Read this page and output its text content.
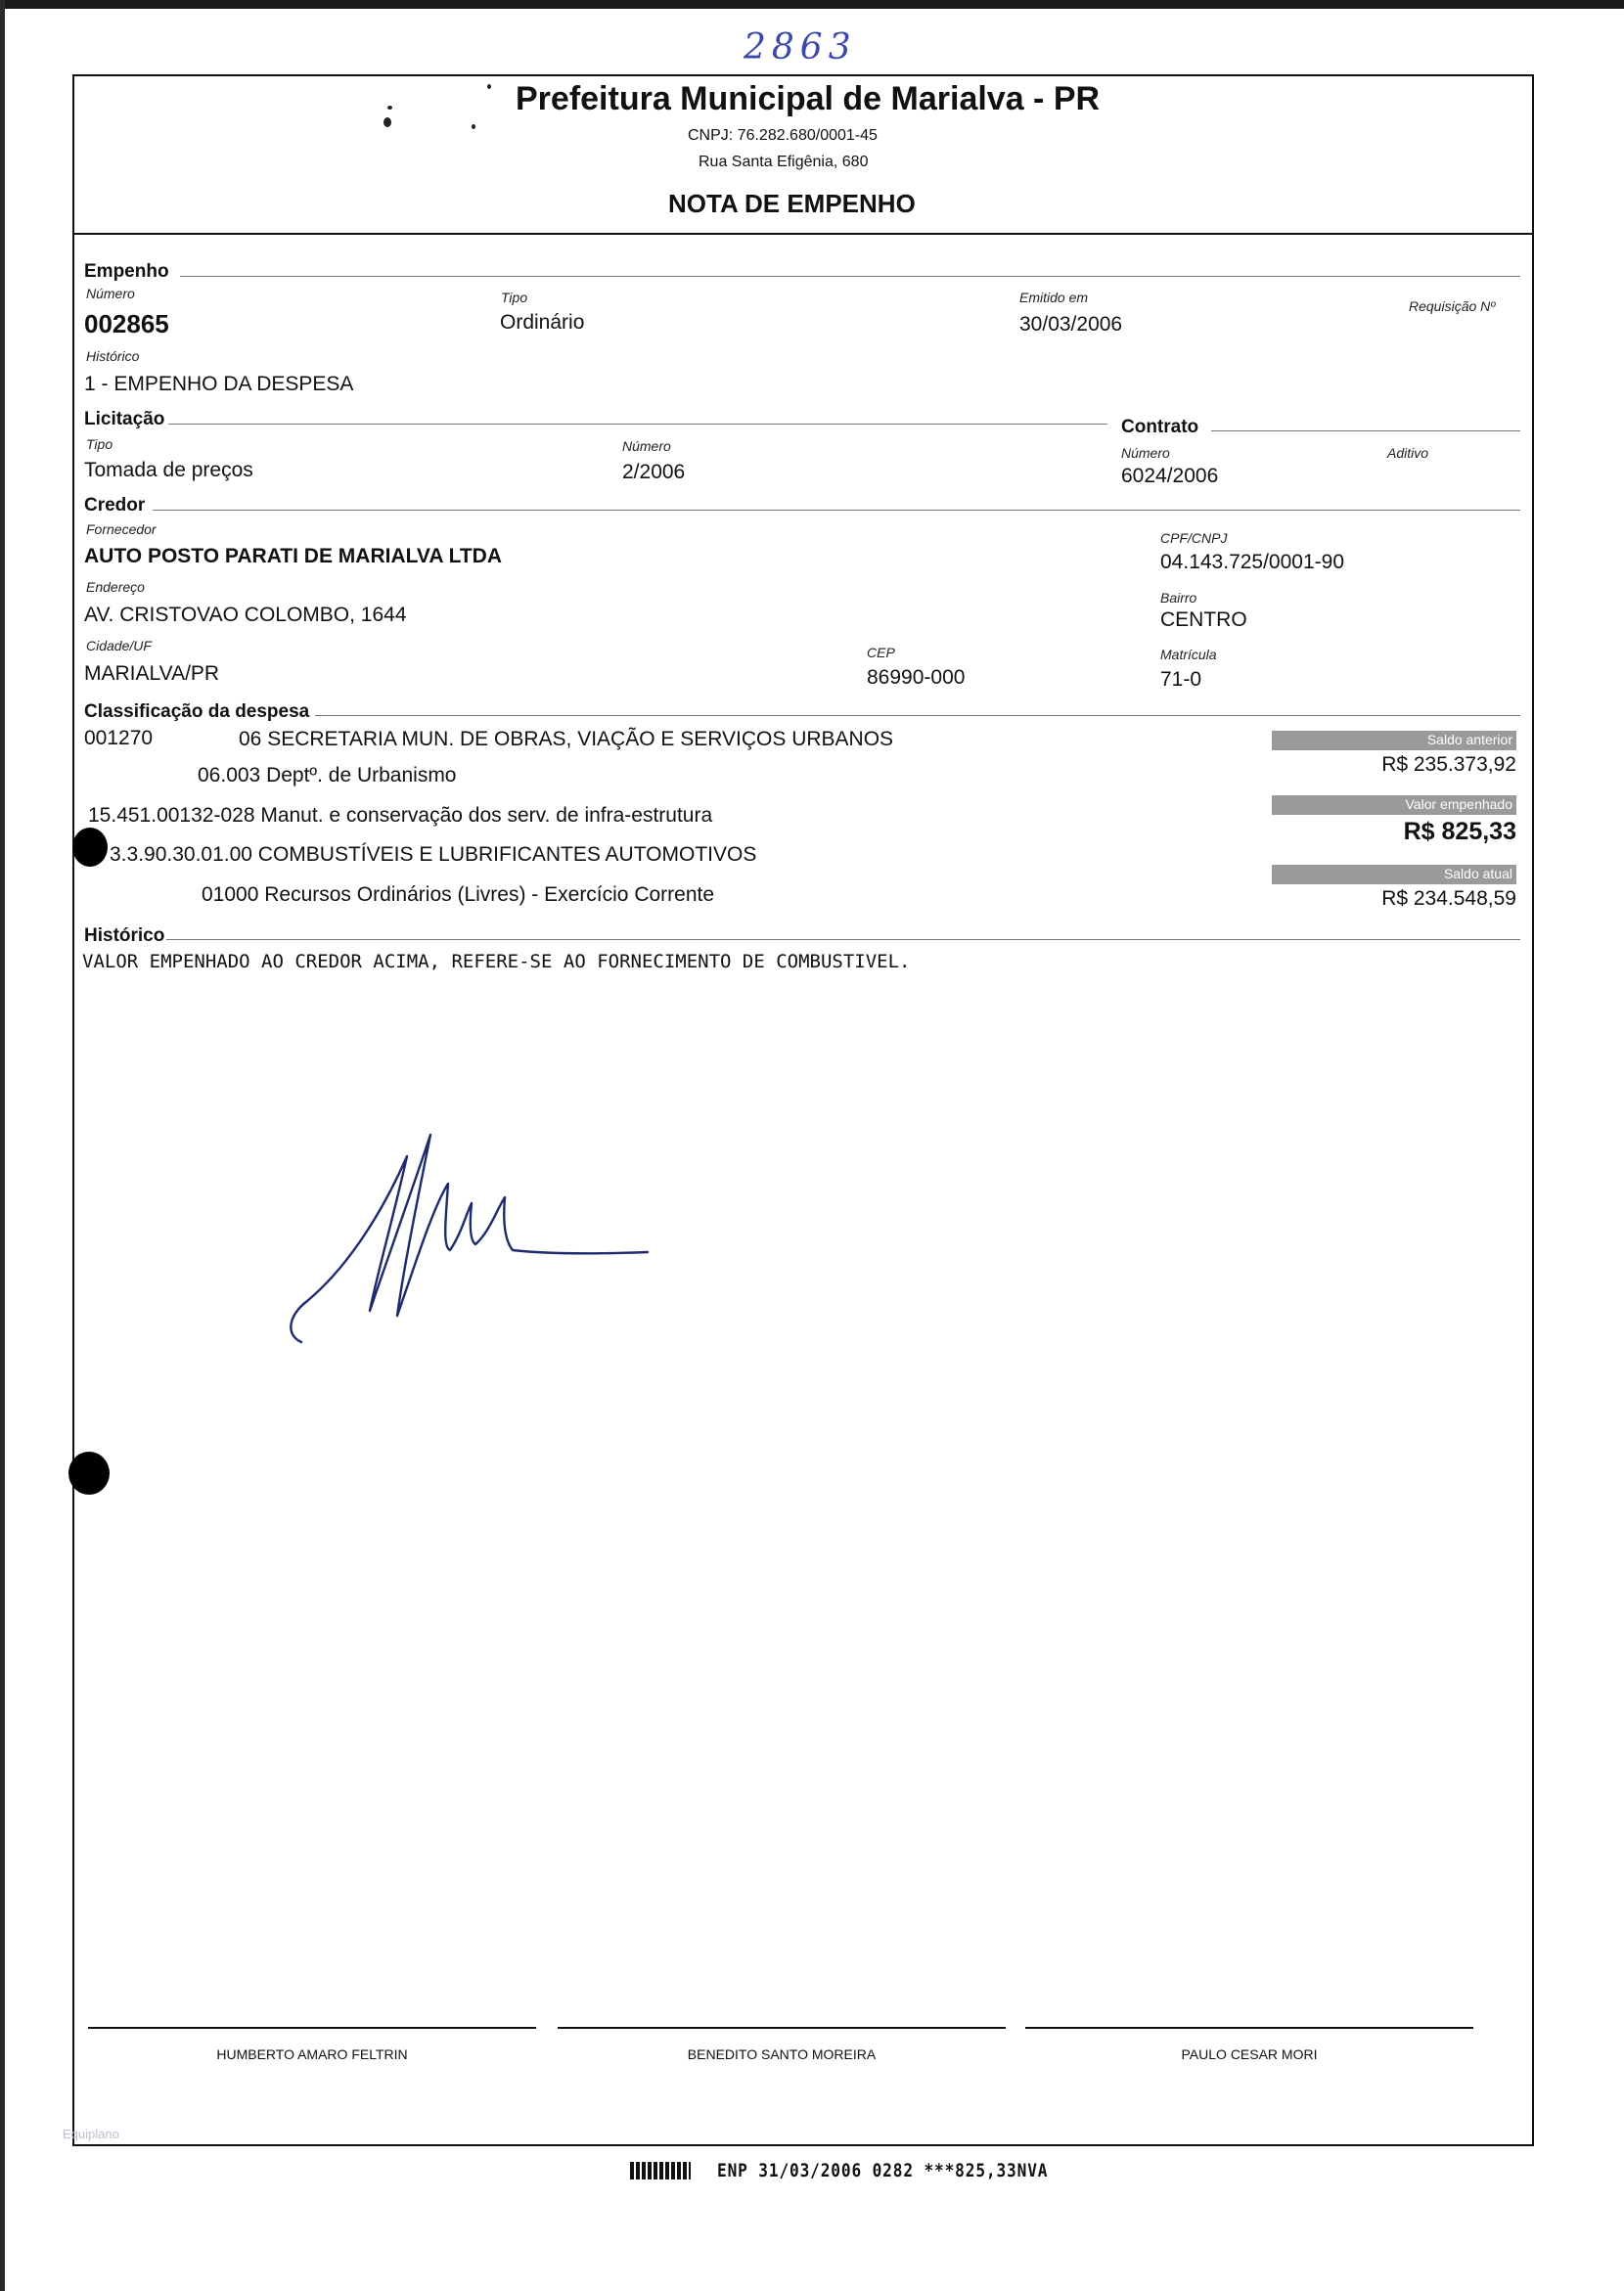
2863
Prefeitura Municipal de Marialva - PR
CNPJ: 76.282.680/0001-45
Rua Santa Efigênia, 680
NOTA DE EMPENHO
Empenho
Número
002865
Tipo
Ordinário
Emitido em
30/03/2006
Requisição Nº
Histórico
1 - EMPENHO DA DESPESA
Licitação	Contrato
Tipo
Tomada de preços
Número
2/2006
Número
6024/2006
Aditivo
Credor
Fornecedor
AUTO POSTO PARATI DE MARIALVA LTDA
CPF/CNPJ
04.143.725/0001-90
Endereço
AV. CRISTOVAO COLOMBO, 1644
Bairro
CENTRO
Cidade/UF
MARIALVA/PR
CEP
86990-000
Matrícula
71-0
Classificação da despesa
001270	06 SECRETARIA MUN. DE OBRAS, VIAÇÃO E SERVIÇOS URBANOS
06.003 Deptº. de Urbanismo
15.451.00132-028 Manut. e conservação dos serv. de infra-estrutura
3.3.90.30.01.00 COMBUSTÍVEIS E LUBRIFICANTES AUTOMOTIVOS
01000 Recursos Ordinários (Livres) - Exercício Corrente
Saldo anterior
R$ 235.373,92
Valor empenhado
R$ 825,33
Saldo atual
R$ 234.548,59
Histórico
VALOR EMPENHADO AO CREDOR ACIMA, REFERE-SE AO FORNECIMENTO DE COMBUSTIVEL.
HUMBERTO AMARO FELTRIN	BENEDITO SANTO MOREIRA	PAULO CESAR MORI
Equiplano
ENP 31/03/2006 0282 ***825,33NVA
